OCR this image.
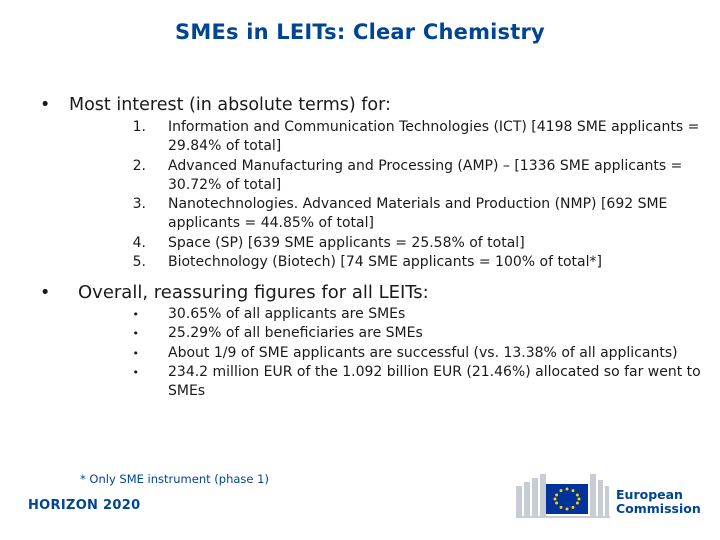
SMEs in LEITs: Clear Chemistry
• Most interest (in absolute terms) for:
1. Information and Communication Technologies (ICT) [4198 SME applicants = 29.84% of total]
2. Advanced Manufacturing and Processing (AMP) – [1336 SME applicants = 30.72% of total]
3. Nanotechnologies. Advanced Materials and Production (NMP) [692 SME applicants = 44.85% of total]
4. Space (SP) [639 SME applicants = 25.58% of total]
5. Biotechnology (Biotech) [74 SME applicants = 100% of total*]
• Overall, reassuring figures for all LEITs:
• 30.65% of all applicants are SMEs
• 25.29% of all beneficiaries are SMEs
• About 1/9 of SME applicants are successful (vs. 13.38% of all applicants)
• 234.2 million EUR of the 1.092 billion EUR (21.46%) allocated so far went to SMEs
* Only SME instrument (phase 1)
HORIZON 2020
European
Commission
